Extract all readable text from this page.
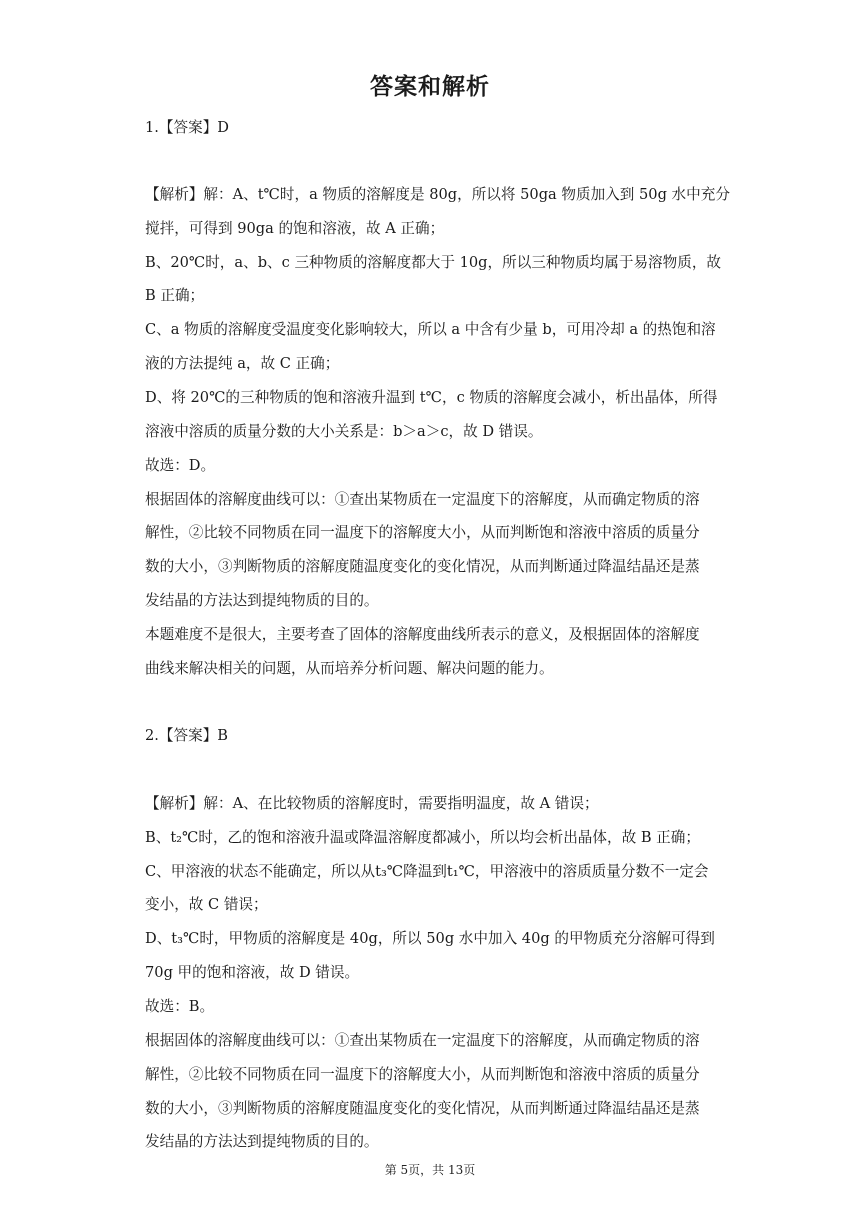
答案和解析
1.【答案】D
【解析】解：A、t℃时，a 物质的溶解度是 80g，所以将 50ga 物质加入到 50g 水中充分
搅拌，可得到 90ga 的饱和溶液，故 A 正确；
B、20℃时，a、b、c 三种物质的溶解度都大于 10g，所以三种物质均属于易溶物质，故
B 正确；
C、a 物质的溶解度受温度变化影响较大，所以 a 中含有少量 b，可用冷却 a 的热饱和溶
液的方法提纯 a，故 C 正确；
D、将 20℃的三种物质的饱和溶液升温到 t℃，c 物质的溶解度会减小，析出晶体，所得
溶液中溶质的质量分数的大小关系是：b＞a＞c，故 D 错误。
故选：D。
根据固体的溶解度曲线可以：①查出某物质在一定温度下的溶解度，从而确定物质的溶
解性，②比较不同物质在同一温度下的溶解度大小，从而判断饱和溶液中溶质的质量分
数的大小，③判断物质的溶解度随温度变化的变化情况，从而判断通过降温结晶还是蒸
发结晶的方法达到提纯物质的目的。
本题难度不是很大，主要考查了固体的溶解度曲线所表示的意义，及根据固体的溶解度
曲线来解决相关的问题，从而培养分析问题、解决问题的能力。
2.【答案】B
【解析】解：A、在比较物质的溶解度时，需要指明温度，故 A 错误；
B、t₂℃时，乙的饱和溶液升温或降温溶解度都减小，所以均会析出晶体，故 B 正确；
C、甲溶液的状态不能确定，所以从t₃℃降温到t₁℃，甲溶液中的溶质质量分数不一定会
变小，故 C 错误；
D、t₃℃时，甲物质的溶解度是 40g，所以 50g 水中加入 40g 的甲物质充分溶解可得到
70g 甲的饱和溶液，故 D 错误。
故选：B。
根据固体的溶解度曲线可以：①查出某物质在一定温度下的溶解度，从而确定物质的溶
解性，②比较不同物质在同一温度下的溶解度大小，从而判断饱和溶液中溶质的质量分
数的大小，③判断物质的溶解度随温度变化的变化情况，从而判断通过降温结晶还是蒸
发结晶的方法达到提纯物质的目的。
第 5页，共 13页
